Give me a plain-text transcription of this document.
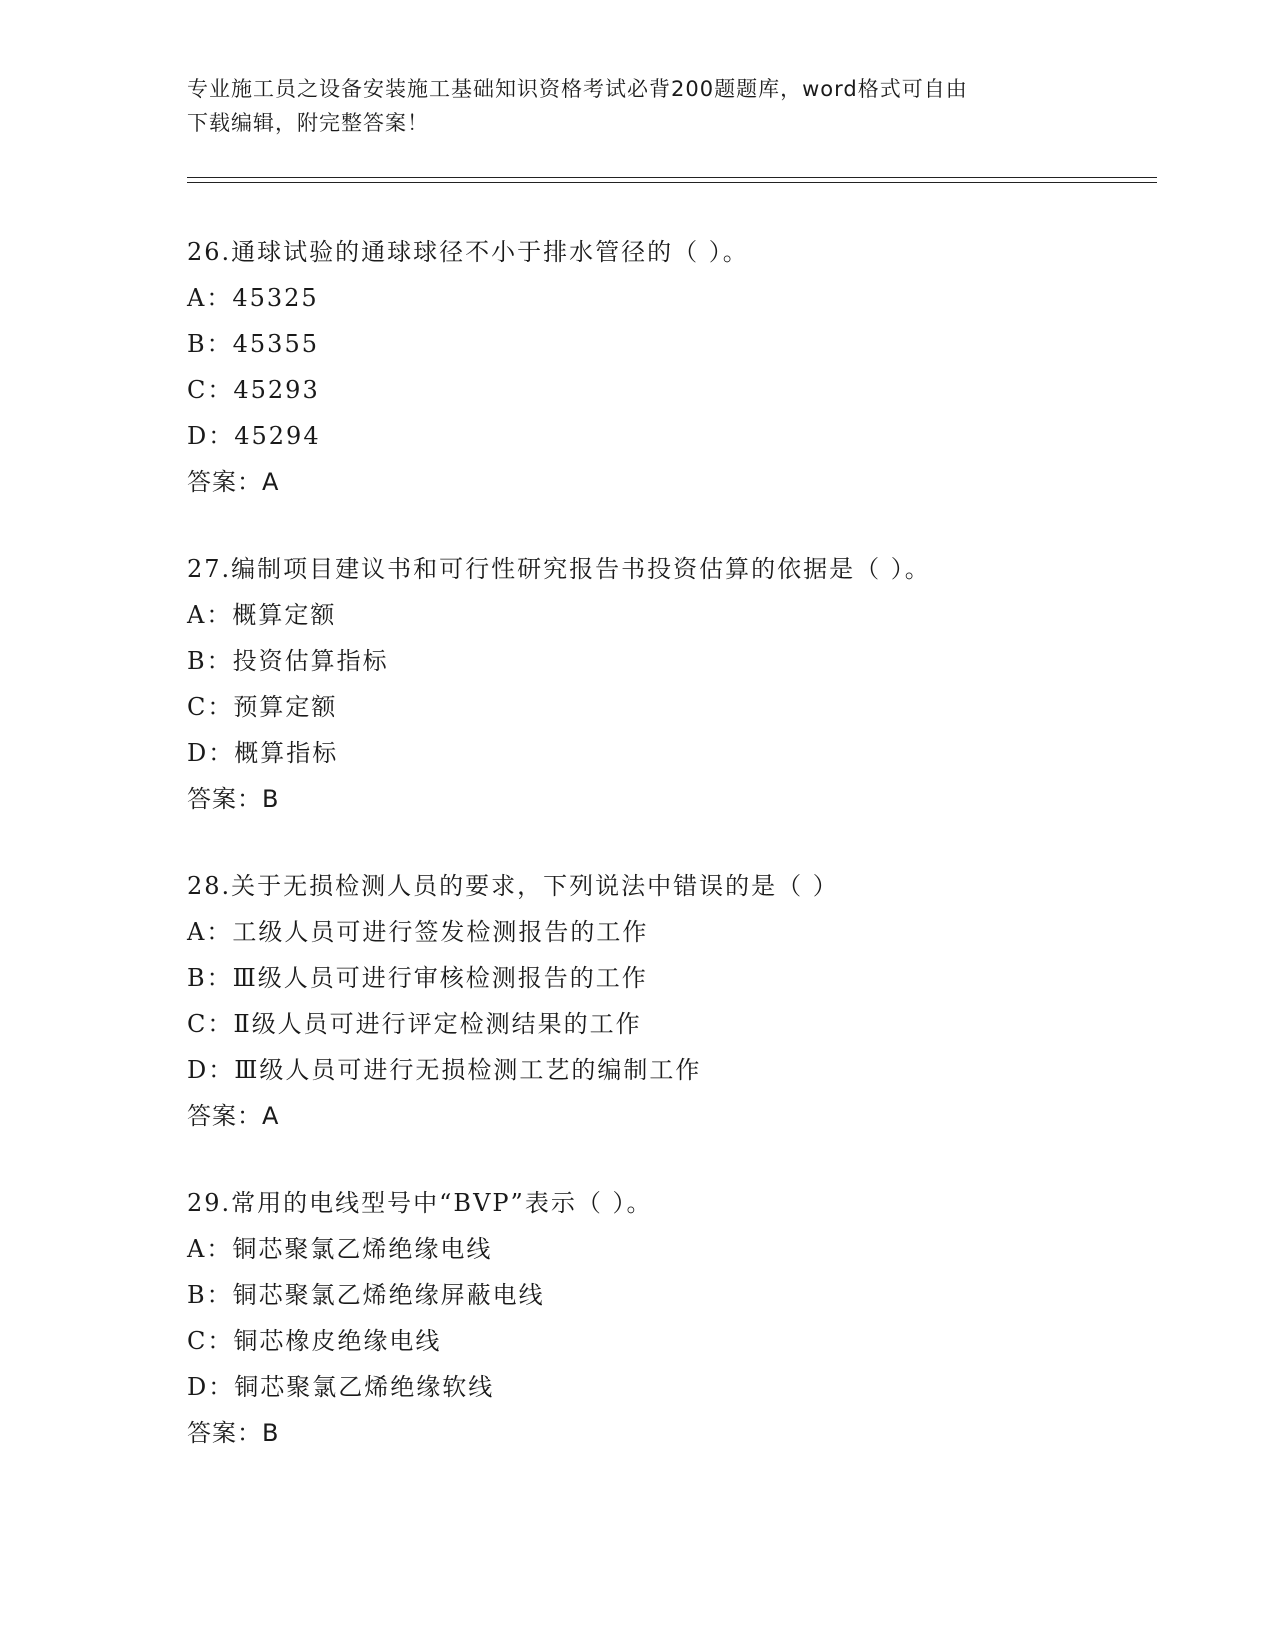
专业施工员之设备安装施工基础知识资格考试必背200题题库，word格式可自由
下载编辑，附完整答案！
26.通球试验的通球球径不小于排水管径的（ ）。
A：45325
B：45355
C：45293
D：45294
答案：A
27.编制项目建议书和可行性研究报告书投资估算的依据是（ ）。
A：概算定额
B：投资估算指标
C：预算定额
D：概算指标
答案：B
28.关于无损检测人员的要求，下列说法中错误的是（ ）
A：工级人员可进行签发检测报告的工作
B：Ⅲ级人员可进行审核检测报告的工作
C：Ⅱ级人员可进行评定检测结果的工作
D：Ⅲ级人员可进行无损检测工艺的编制工作
答案：A
29.常用的电线型号中“BVP”表示（ ）。
A：铜芯聚氯乙烯绝缘电线
B：铜芯聚氯乙烯绝缘屏蔽电线
C：铜芯橡皮绝缘电线
D：铜芯聚氯乙烯绝缘软线
答案：B
